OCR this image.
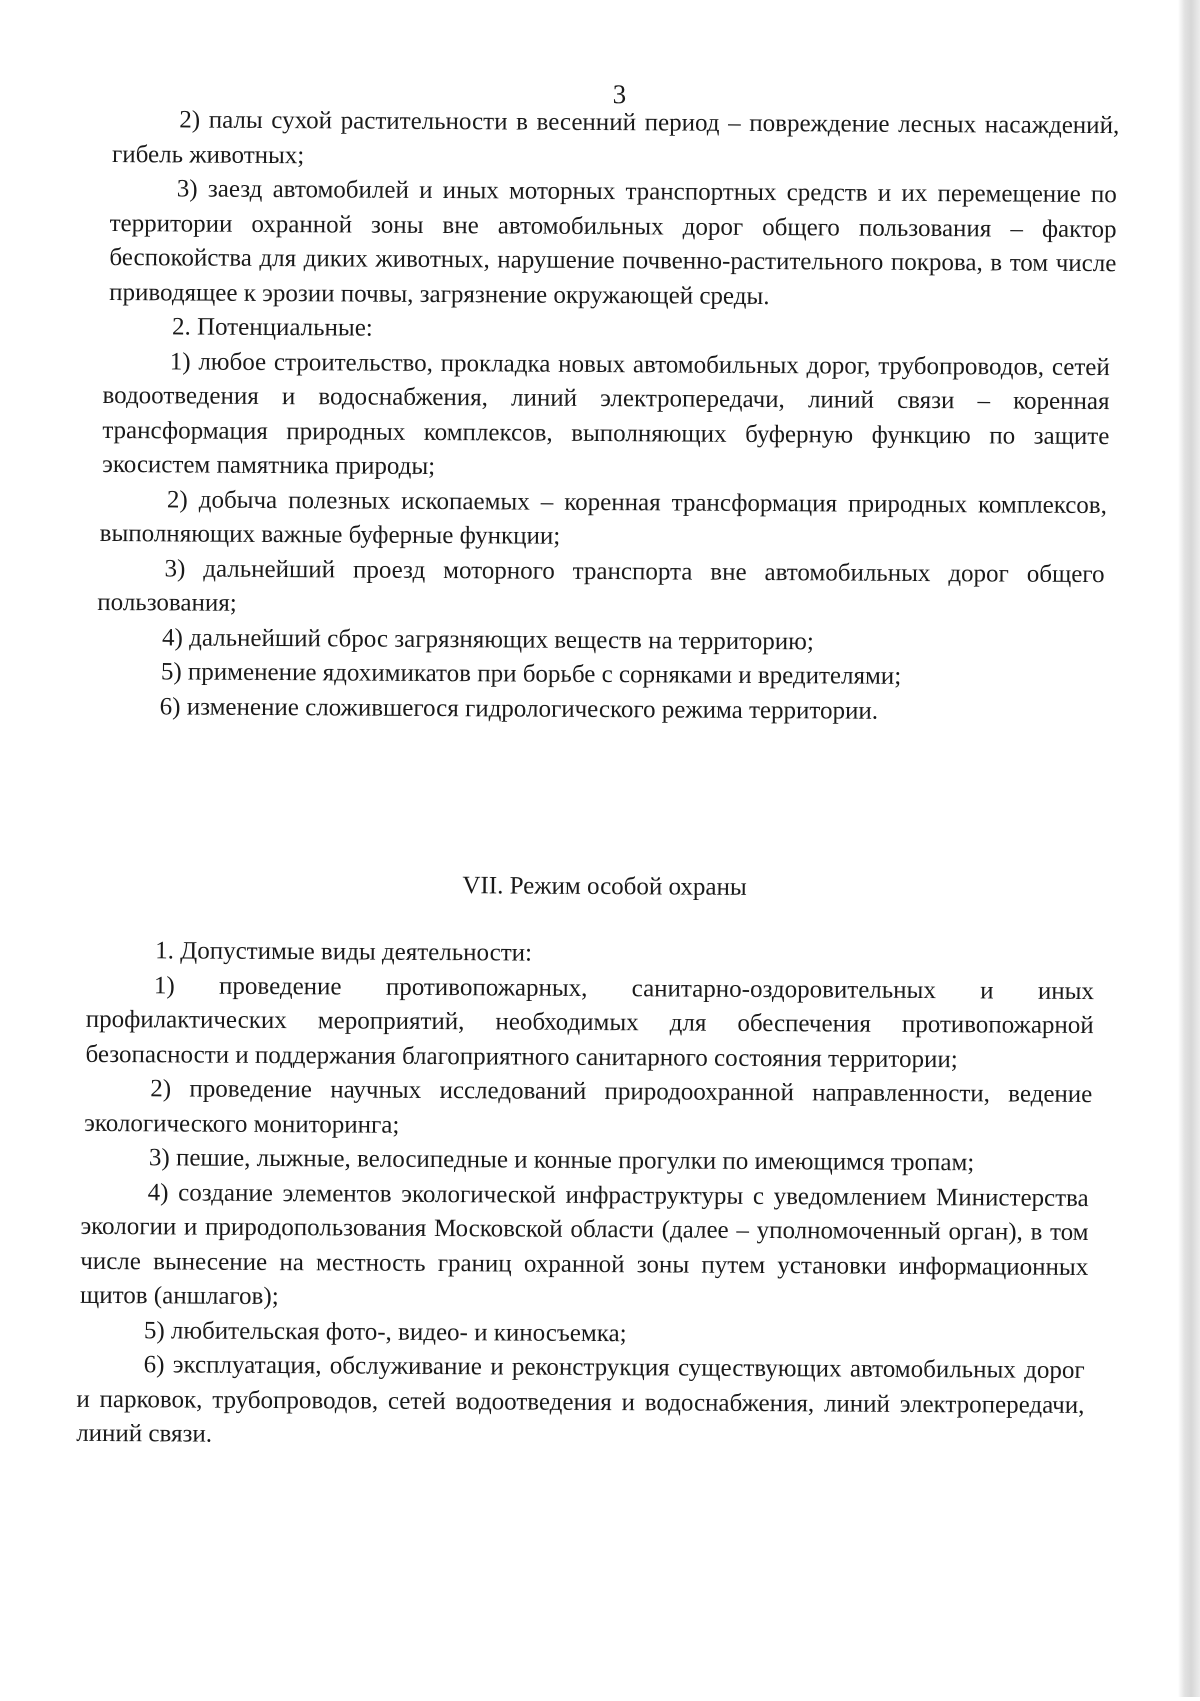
3

2) палы сухой растительности в весенний период – повреждение лесных насаждений, гибель животных;

3) заезд автомобилей и иных моторных транспортных средств и их перемещение по территории охранной зоны вне автомобильных дорог общего пользования – фактор беспокойства для диких животных, нарушение почвенно-растительного покрова, в том числе приводящее к эрозии почвы, загрязнение окружающей среды.

2. Потенциальные:

1) любое строительство, прокладка новых автомобильных дорог, трубопроводов, сетей водоотведения и водоснабжения, линий электропередачи, линий связи – коренная трансформация природных комплексов, выполняющих буферную функцию по защите экосистем памятника природы;

2) добыча полезных ископаемых – коренная трансформация природных комплексов, выполняющих важные буферные функции;

3) дальнейший проезд моторного транспорта вне автомобильных дорог общего пользования;

4) дальнейший сброс загрязняющих веществ на территорию;

5) применение ядохимикатов при борьбе с сорняками и вредителями;

6) изменение сложившегося гидрологического режима территории.

VII. Режим особой охраны

1. Допустимые виды деятельности:

1) проведение противопожарных, санитарно-оздоровительных и иных профилактических мероприятий, необходимых для обеспечения противопожарной безопасности и поддержания благоприятного санитарного состояния территории;

2) проведение научных исследований природоохранной направленности, ведение экологического мониторинга;

3) пешие, лыжные, велосипедные и конные прогулки по имеющимся тропам;

4) создание элементов экологической инфраструктуры с уведомлением Министерства экологии и природопользования Московской области (далее – уполномоченный орган), в том числе вынесение на местность границ охранной зоны путем установки информационных щитов (аншлагов);

5) любительская фото-, видео- и киносъемка;

6) эксплуатация, обслуживание и реконструкция существующих автомобильных дорог и парковок, трубопроводов, сетей водоотведения и водоснабжения, линий электропередачи, линий связи.
